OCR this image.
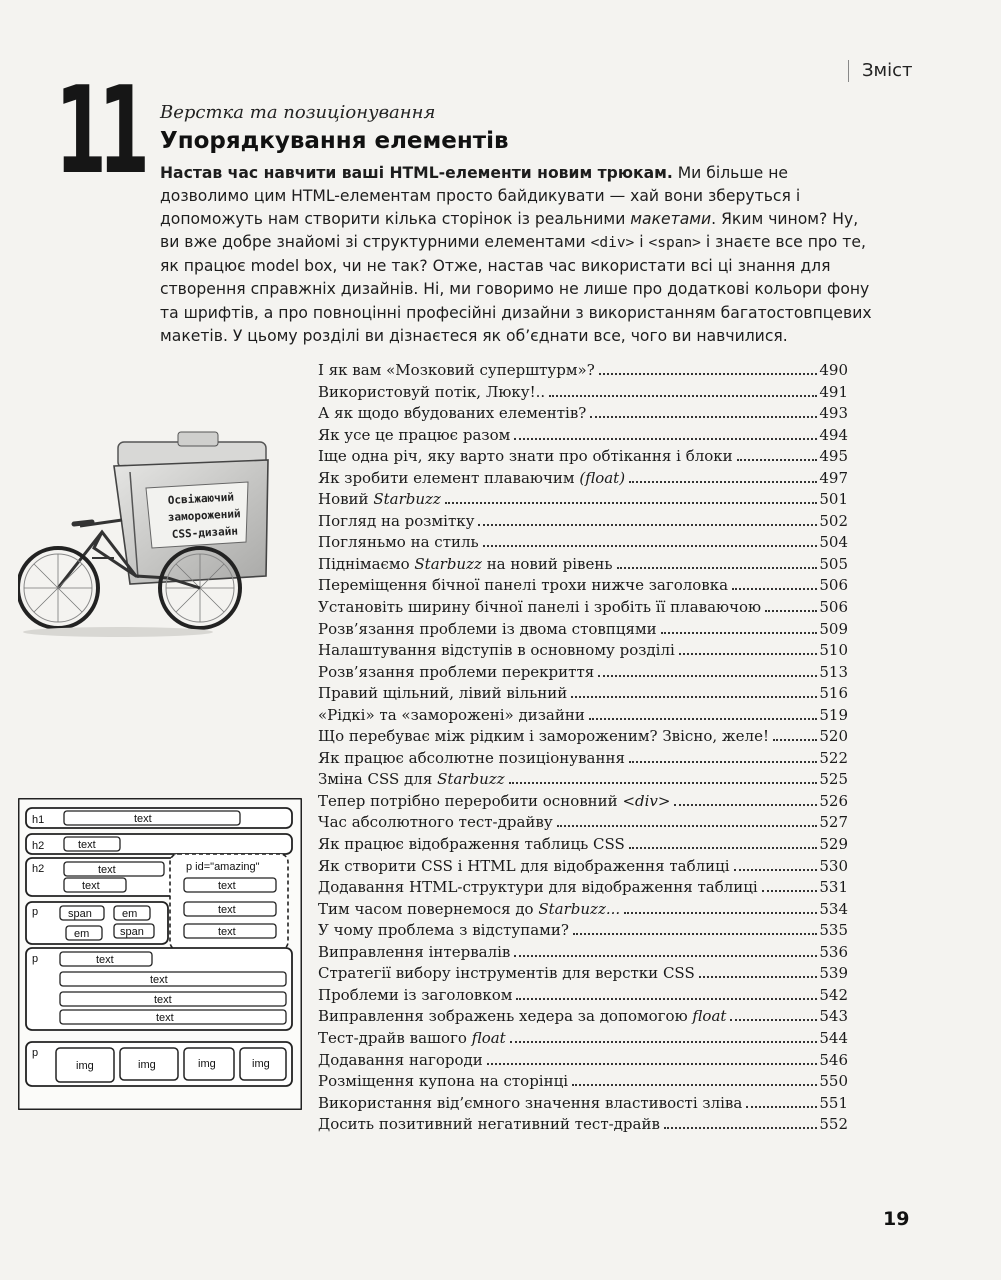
Зміст
11 Верстка та позиціонування
Упорядкування елементів
Настав час навчити ваші HTML-елементи новим трюкам. Ми більше не дозволимо цим HTML-елементам просто байдикувати — хай вони зберуться і допоможуть нам створити кілька сторінок із реальними макетами. Яким чином? Ну, ви вже добре знайомі зі структурними елементами <div> і <span> і знаєте все про те, як працює model box, чи не так? Отже, настав час використати всі ці знання для створення справжніх дизайнів. Ні, ми говоримо не лише про додаткові кольори фону та шрифтів, а про повноцінні професійні дизайни з використанням багатостовпцевих макетів. У цьому розділі ви дізнаєтеся як об’єднати все, чого ви навчилися.
Освіжаючий
заморожений
CSS-дизайн
h1	text
h2	text
h2	text
text
p id="amazing"
text
text
text
p	span	em
em	span
p	text
text
text
text
p
img	img	img	img
І як вам «Мозковий суперштурм»?	490
Використовуй потік, Люку!..	491
А як щодо вбудованих елементів?	493
Як усе це працює разом	494
Іще одна річ, яку варто знати про обтікання і блоки	495
Як зробити елемент плаваючим (float)	497
Новий Starbuzz	501
Погляд на розмітку	502
Погляньмо на стиль	504
Піднімаємо Starbuzz на новий рівень	505
Переміщення бічної панелі трохи нижче заголовка	506
Установіть ширину бічної панелі і зробіть її плаваючою	506
Розв’язання проблеми із двома стовпцями	509
Налаштування відступів в основному розділі	510
Розв’язання проблеми перекриття	513
Правий щільний, лівий вільний	516
«Рідкі» та «заморожені» дизайни	519
Що перебуває між рідким і замороженим? Звісно, желе!	520
Як працює абсолютне позиціонування	522
Зміна CSS для Starbuzz	525
Тепер потрібно переробити основний <div>	526
Час абсолютного тест-драйву	527
Як працює відображення таблиць CSS	529
Як створити CSS і HTML для відображення таблиці	530
Додавання HTML-структури для відображення таблиці	531
Тим часом повернемося до Starbuzz...	534
У чому проблема з відступами?	535
Виправлення інтервалів	536
Стратегії вибору інструментів для верстки CSS	539
Проблеми із заголовком	542
Виправлення зображень хедера за допомогою float	543
Тест-драйв вашого float	544
Додавання нагороди	546
Розміщення купона на сторінці	550
Використання від’ємного значення властивості зліва	551
Досить позитивний негативний тест-драйв	552
19
